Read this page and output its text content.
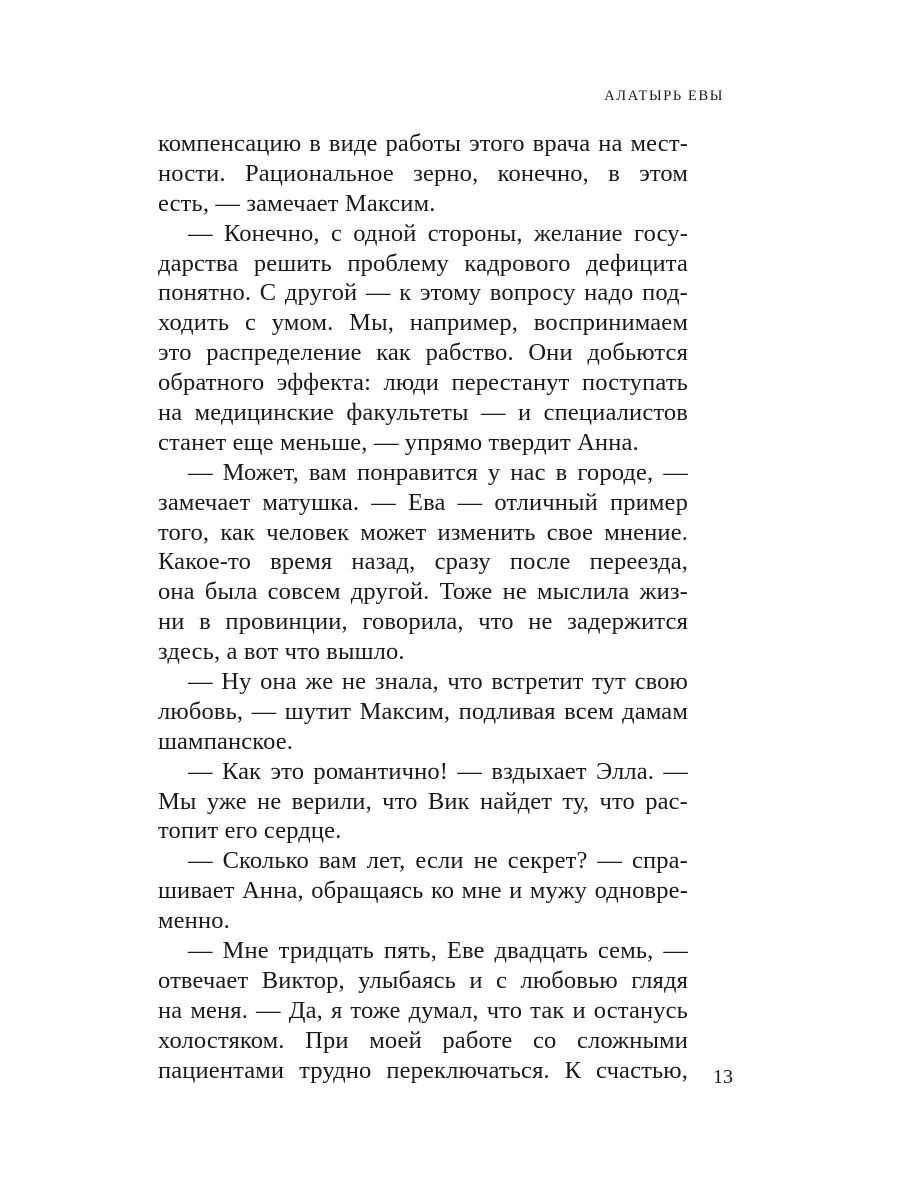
АЛАТЫРЬ ЕВЫ
компенсацию в виде работы этого врача на мест-
ности. Рациональное зерно, конечно, в этом
есть, — замечает Максим.
— Конечно, с одной стороны, желание госу-
дарства решить проблему кадрового дефицита
понятно. С другой — к этому вопросу надо под-
ходить с умом. Мы, например, воспринимаем
это распределение как рабство. Они добьются
обратного эффекта: люди перестанут поступать
на медицинские факультеты — и специалистов
станет еще меньше, — упрямо твердит Анна.
— Может, вам понравится у нас в городе, —
замечает матушка. — Ева — отличный пример
того, как человек может изменить свое мнение.
Какое-то время назад, сразу после переезда,
она была совсем другой. Тоже не мыслила жиз-
ни в провинции, говорила, что не задержится
здесь, а вот что вышло.
— Ну она же не знала, что встретит тут свою
любовь, — шутит Максим, подливая всем дамам
шампанское.
— Как это романтично! — вздыхает Элла. —
Мы уже не верили, что Вик найдет ту, что рас-
топит его сердце.
— Сколько вам лет, если не секрет? — спра-
шивает Анна, обращаясь ко мне и мужу одновре-
менно.
— Мне тридцать пять, Еве двадцать семь, —
отвечает Виктор, улыбаясь и с любовью глядя
на меня. — Да, я тоже думал, что так и останусь
холостяком. При моей работе со сложными
пациентами трудно переключаться. К счастью, 13
